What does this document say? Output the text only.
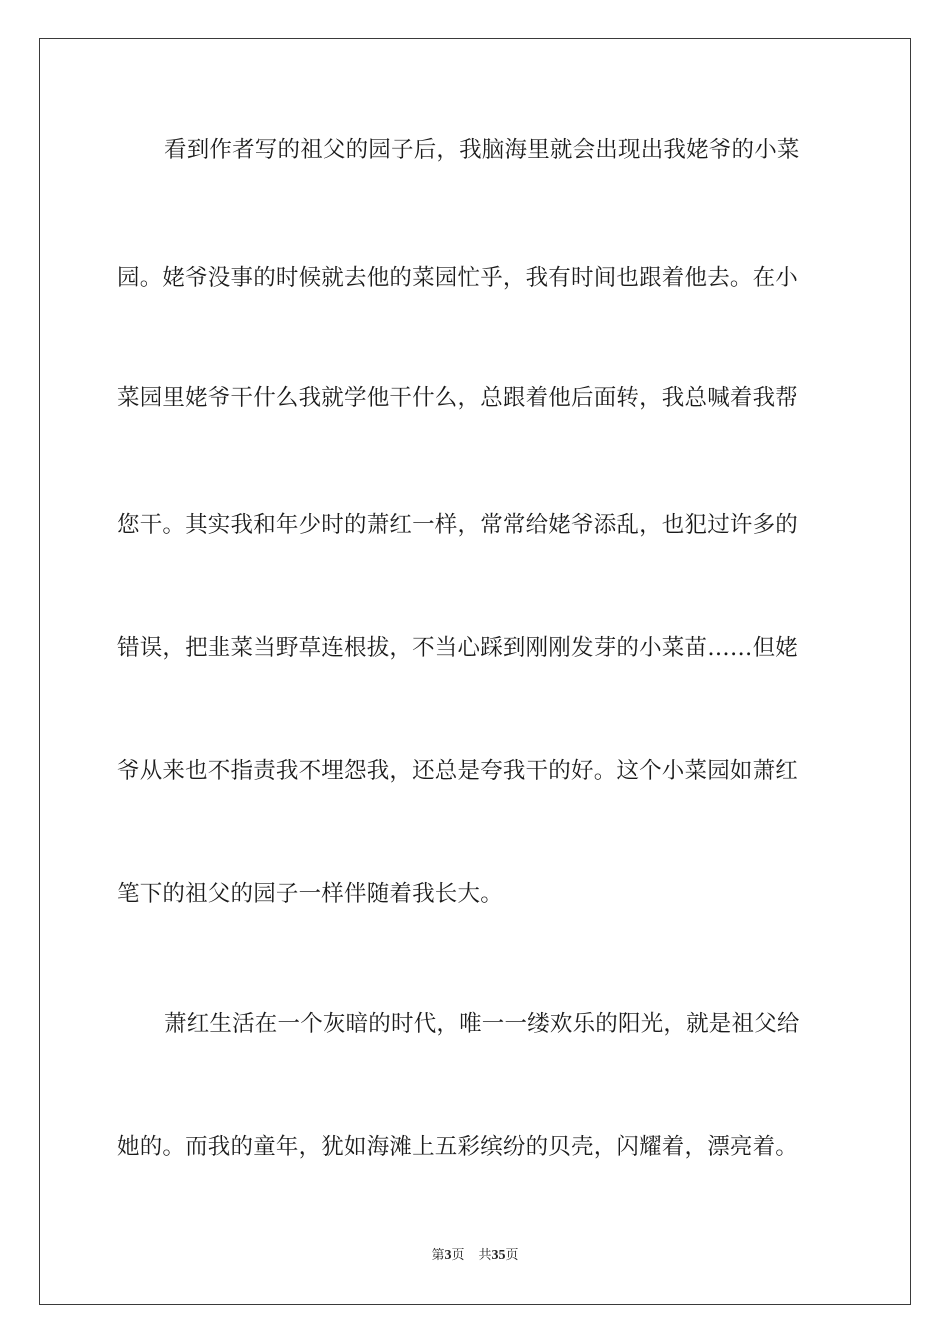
看到作者写的祖父的园子后，我脑海里就会出现出我姥爷的小菜
园。姥爷没事的时候就去他的菜园忙乎，我有时间也跟着他去。在小
菜园里姥爷干什么我就学他干什么，总跟着他后面转，我总喊着我帮
您干。其实我和年少时的萧红一样，常常给姥爷添乱，也犯过许多的
错误，把韭菜当野草连根拔，不当心踩到刚刚发芽的小菜苗……但姥
爷从来也不指责我不埋怨我，还总是夸我干的好。这个小菜园如萧红
笔下的祖父的园子一样伴随着我长大。
萧红生活在一个灰暗的时代，唯一一缕欢乐的阳光，就是祖父给
她的。而我的童年，犹如海滩上五彩缤纷的贝壳，闪耀着，漂亮着。
第3页 共35页
